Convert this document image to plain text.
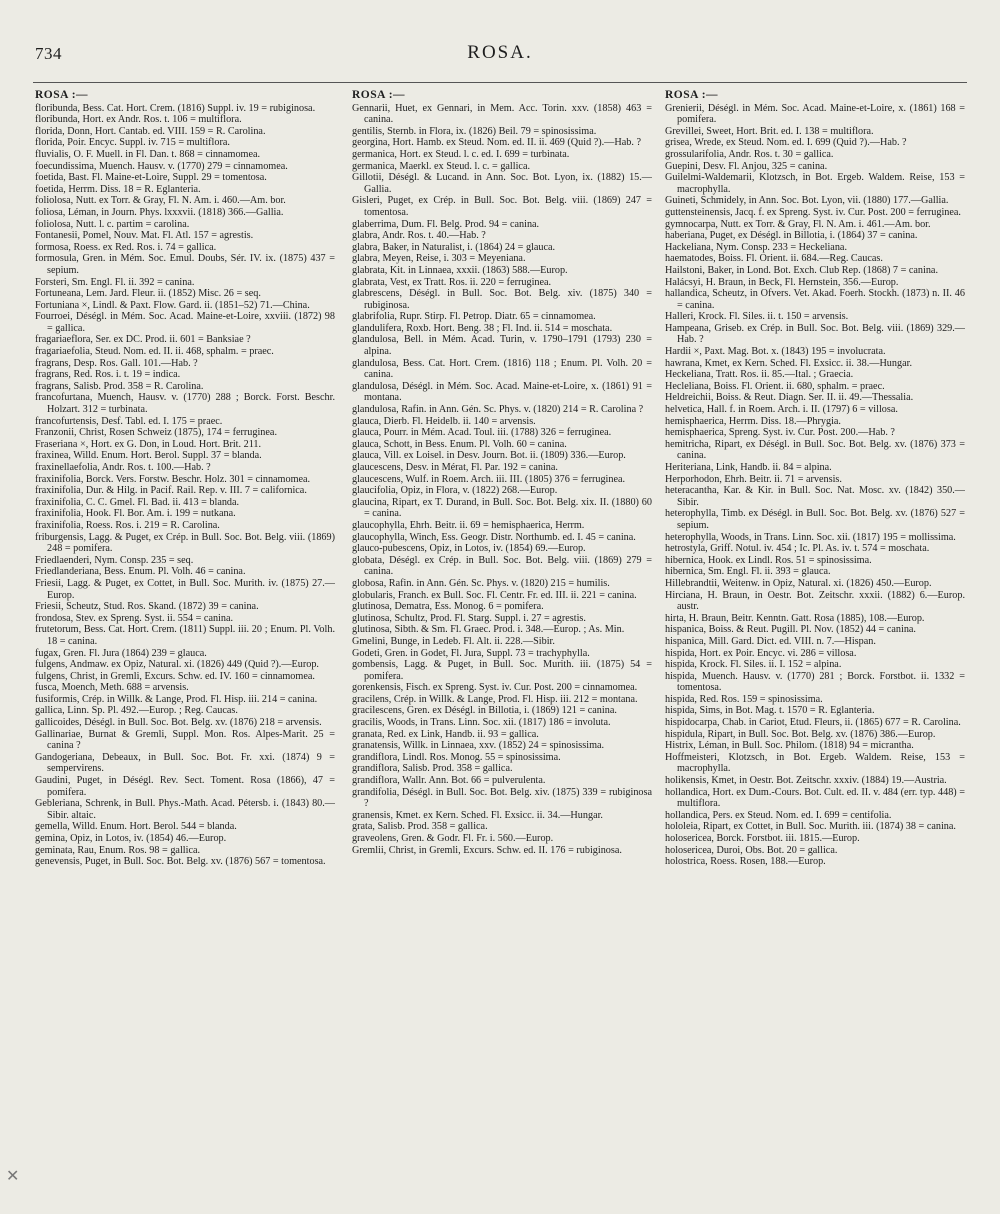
734	ROSA.
ROSA :—

floribunda, Bess. Cat. Hort. Crem. (1816) Suppl. iv. 19 = rubiginosa.

floribunda, Hort. ex Andr. Ros. t. 106 = multiflora.

florida, Donn, Hort. Cantab. ed. VIII. 159 = R. Carolina.

florida, Poir. Encyc. Suppl. iv. 715 = multiflora.

fluvialis, O. F. Muell. in Fl. Dan. t. 868 = cinnamomea.

foecundissima, Muench. Hausv. v. (1770) 279 = cinnamomea.

foetida, Bast. Fl. Maine-et-Loire, Suppl. 29 = tomentosa.

foetida, Herrm. Diss. 18 = R. Eglanteria.

foliolosa, Nutt. ex Torr. & Gray, Fl. N. Am. i. 460.—Am. bor.

foliosa, Léman, in Journ. Phys. lxxxvii. (1818) 366.—Gallia.

foliolosa, Nutt. l. c. partim = carolina.

Fontanesii, Pomel, Nouv. Mat. Fl. Atl. 157 = agrestis.

formosa, Roess. ex Red. Ros. i. 74 = gallica.

formosula, Gren. in Mém. Soc. Emul. Doubs, Sér. IV. ix. (1875) 437 = sepium.

Forsteri, Sm. Engl. Fl. ii. 392 = canina.

Fortuneana, Lem. Jard. Fleur. ii. (1852) Misc. 26 = seq.

Fortuniana ×, Lindl. & Paxt. Flow. Gard. ii. (1851–52) 71.—China.

Fourroei, Déségl. in Mém. Soc. Acad. Maine-et-Loire, xxviii. (1872) 98 = gallica.

fragariaeflora, Ser. ex DC. Prod. ii. 601 = Banksiae ?

fragariaefolia, Steud. Nom. ed. II. ii. 468, sphalm. = praec.

fragrans, Desp. Ros. Gall. 101.—Hab. ?

fragrans, Red. Ros. i. t. 19 = indica.

fragrans, Salisb. Prod. 358 = R. Carolina.

francofurtana, Muench, Hausv. v. (1770) 288 ; Borck. Forst. Beschr. Holzart. 312 = turbinata.

francofurtensis, Desf. Tabl. ed. I. 175 = praec.

Franzonii, Christ, Rosen Schweiz (1875), 174 = ferruginea.

Fraseriana ×, Hort. ex G. Don, in Loud. Hort. Brit. 211.

fraxinea, Willd. Enum. Hort. Berol. Suppl. 37 = blanda.

fraxinellaefolia, Andr. Ros. t. 100.—Hab. ?

fraxinifolia, Borck. Vers. Forstw. Beschr. Holz. 301 = cinnamomea.

fraxinifolia, Dur. & Hilg. in Pacif. Rail. Rep. v. III. 7 = californica.

fraxinifolia, C. C. Gmel. Fl. Bad. ii. 413 = blanda.

fraxinifolia, Hook. Fl. Bor. Am. i. 199 = nutkana.

fraxinifolia, Roess. Ros. i. 219 = R. Carolina.

friburgensis, Lagg. & Puget, ex Crép. in Bull. Soc. Bot. Belg. viii. (1869) 248 = pomifera.

Friedlaenderi, Nym. Consp. 235 = seq.

Friedlanderiana, Bess. Enum. Pl. Volh. 46 = canina.

Friesii, Lagg. & Puget, ex Cottet, in Bull. Soc. Murith. iv. (1875) 27.—Europ.

Friesii, Scheutz, Stud. Ros. Skand. (1872) 39 = canina.

frondosa, Stev. ex Spreng. Syst. ii. 554 = canina.

frutetorum, Bess. Cat. Hort. Crem. (1811) Suppl. iii. 20 ; Enum. Pl. Volh. 18 = canina.

fugax, Gren. Fl. Jura (1864) 239 = glauca.

fulgens, Andmaw. ex Opiz, Natural. xi. (1826) 449 (Quid ?).—Europ.

fulgens, Christ, in Gremli, Excurs. Schw. ed. IV. 160 = cinnamomea.

fusca, Moench, Meth. 688 = arvensis.

fusiformis, Crép. in Willk. & Lange, Prod. Fl. Hisp. iii. 214 = canina.

gallica, Linn. Sp. Pl. 492.—Europ. ; Reg. Caucas.

gallicoides, Déségl. in Bull. Soc. Bot. Belg. xv. (1876) 218 = arvensis.

Gallinariae, Burnat & Gremli, Suppl. Mon. Ros. Alpes-Marit. 25 = canina ?

Gandogeriana, Debeaux, in Bull. Soc. Bot. Fr. xxi. (1874) 9 = sempervirens.

Gaudini, Puget, in Déségl. Rev. Sect. Toment. Rosa (1866), 47 = pomifera.

Gebleriana, Schrenk, in Bull. Phys.-Math. Acad. Pétersb. i. (1843) 80.—Sibir. altaic.

gemella, Willd. Enum. Hort. Berol. 544 = blanda.

gemina, Opiz, in Lotos, iv. (1854) 46.—Europ.

geminata, Rau, Enum. Ros. 98 = gallica.

genevensis, Puget, in Bull. Soc. Bot. Belg. xv. (1876) 567 = tomentosa.

ROSA :—

Gennarii, Huet, ex Gennari, in Mem. Acc. Torin. xxv. (1858) 463 = canina.

gentilis, Sternb. in Flora, ix. (1826) Beil. 79 = spinosissima.

georgina, Hort. Hamb. ex Steud. Nom. ed. II. ii. 469 (Quid ?).—Hab. ?

germanica, Hort. ex Steud. l. c. ed. I. 699 = turbinata.

germanica, Maerkl. ex Steud. l. c. = gallica.

Gillotii, Déségl. & Lucand. in Ann. Soc. Bot. Lyon, ix. (1882) 15.—Gallia.

Gisleri, Puget, ex Crép. in Bull. Soc. Bot. Belg. viii. (1869) 247 = tomentosa.

glaberrima, Dum. Fl. Belg. Prod. 94 = canina.

glabra, Andr. Ros. t. 40.—Hab. ?

glabra, Baker, in Naturalist, i. (1864) 24 = glauca.

glabra, Meyen, Reise, i. 303 = Meyeniana.

glabrata, Kit. in Linnaea, xxxii. (1863) 588.—Europ.

glabrata, Vest, ex Tratt. Ros. ii. 220 = ferruginea.

glabrescens, Déségl. in Bull. Soc. Bot. Belg. xiv. (1875) 340 = rubiginosa.

glabrifolia, Rupr. Stirp. Fl. Petrop. Diatr. 65 = cinnamomea.

glandulifera, Roxb. Hort. Beng. 38 ; Fl. Ind. ii. 514 = moschata.

glandulosa, Bell. in Mém. Acad. Turin, v. 1790–1791 (1793) 230 = alpina.

glandulosa, Bess. Cat. Hort. Crem. (1816) 118 ; Enum. Pl. Volh. 20 = canina.

glandulosa, Déségl. in Mém. Soc. Acad. Maine-et-Loire, x. (1861) 91 = montana.

glandulosa, Rafin. in Ann. Gén. Sc. Phys. v. (1820) 214 = R. Carolina ?

glauca, Dierb. Fl. Heidelb. ii. 140 = arvensis.

glauca, Pourr. in Mém. Acad. Toul. iii. (1788) 326 = ferruginea.

glauca, Schott, in Bess. Enum. Pl. Volh. 60 = canina.

glauca, Vill. ex Loisel. in Desv. Journ. Bot. ii. (1809) 336.—Europ.

glaucescens, Desv. in Mérat, Fl. Par. 192 = canina.

glaucescens, Wulf. in Roem. Arch. iii. III. (1805) 376 = ferruginea.

glaucifolia, Opiz, in Flora, v. (1822) 268.—Europ.

glaucina, Ripart, ex T. Durand, in Bull. Soc. Bot. Belg. xix. II. (1880) 60 = canina.

glaucophylla, Ehrh. Beitr. ii. 69 = hemisphaerica, Herrm.

glaucophylla, Winch, Ess. Geogr. Distr. Northumb. ed. I. 45 = canina.

glauco-pubescens, Opiz, in Lotos, iv. (1854) 69.—Europ.

globata, Déségl. ex Crép. in Bull. Soc. Bot. Belg. viii. (1869) 279 = canina.

globosa, Rafin. in Ann. Gén. Sc. Phys. v. (1820) 215 = humilis.

globularis, Franch. ex Bull. Soc. Fl. Centr. Fr. ed. III. ii. 221 = canina.

glutinosa, Dematra, Ess. Monog. 6 = pomifera.

glutinosa, Schultz, Prod. Fl. Starg. Suppl. i. 27 = agrestis.

glutinosa, Sibth. & Sm. Fl. Graec. Prod. i. 348.—Europ. ; As. Min.

Gmelini, Bunge, in Ledeb. Fl. Alt. ii. 228.—Sibir.

Godeti, Gren. in Godet, Fl. Jura, Suppl. 73 = trachyphylla.

gombensis, Lagg. & Puget, in Bull. Soc. Murith. iii. (1875) 54 = pomifera.

gorenkensis, Fisch. ex Spreng. Syst. iv. Cur. Post. 200 = cinnamomea.

gracilens, Crép. in Willk. & Lange, Prod. Fl. Hisp. iii. 212 = montana.

gracilescens, Gren. ex Déségl. in Billotia, i. (1869) 121 = canina.

gracilis, Woods, in Trans. Linn. Soc. xii. (1817) 186 = involuta.

granata, Red. ex Link, Handb. ii. 93 = gallica.

granatensis, Willk. in Linnaea, xxv. (1852) 24 = spinosissima.

grandiflora, Lindl. Ros. Monog. 55 = spinosissima.

grandiflora, Salisb. Prod. 358 = gallica.

grandiflora, Wallr. Ann. Bot. 66 = pulverulenta.

grandifolia, Déségl. in Bull. Soc. Bot. Belg. xiv. (1875) 339 = rubiginosa ?

granensis, Kmet. ex Kern. Sched. Fl. Exsicc. ii. 34.—Hungar.

grata, Salisb. Prod. 358 = gallica.

graveolens, Gren. & Godr. Fl. Fr. i. 560.—Europ.

Gremlii, Christ, in Gremli, Excurs. Schw. ed. II. 176 = rubiginosa.

ROSA :—

Grenierii, Déségl. in Mém. Soc. Acad. Maine-et-Loire, x. (1861) 168 = pomifera.

Grevillei, Sweet, Hort. Brit. ed. I. 138 = multiflora.

grisea, Wrede, ex Steud. Nom. ed. I. 699 (Quid ?).—Hab. ?

grossularifolia, Andr. Ros. t. 30 = gallica.

Guepini, Desv. Fl. Anjou, 325 = canina.

Guilelmi-Waldemarii, Klotzsch, in Bot. Ergeb. Waldem. Reise, 153 = macrophylla.

Guineti, Schmidely, in Ann. Soc. Bot. Lyon, vii. (1880) 177.—Gallia.

guttensteinensis, Jacq. f. ex Spreng. Syst. iv. Cur. Post. 200 = ferruginea.

gymnocarpa, Nutt. ex Torr. & Gray, Fl. N. Am. i. 461.—Am. bor.

haberiana, Puget, ex Déségl. in Billotia, i. (1864) 37 = canina.

Hackeliana, Nym. Consp. 233 = Heckeliana.

haematodes, Boiss. Fl. Orient. ii. 684.—Reg. Caucas.

Hailstoni, Baker, in Lond. Bot. Exch. Club Rep. (1868) 7 = canina.

Halácsyi, H. Braun, in Beck, Fl. Hernstein, 356.—Europ.

hallandica, Scheutz, in Ofvers. Vet. Akad. Foerh. Stockh. (1873) n. II. 46 = canina.

Halleri, Krock. Fl. Siles. ii. t. 150 = arvensis.

Hampeana, Griseb. ex Crép. in Bull. Soc. Bot. Belg. viii. (1869) 329.—Hab. ?

Hardii ×, Paxt. Mag. Bot. x. (1843) 195 = involucrata.

hawrana, Kmet, ex Kern. Sched. Fl. Exsicc. ii. 38.—Hungar.

Heckeliana, Tratt. Ros. ii. 85.—Ital. ; Graecia.

Hecleliana, Boiss. Fl. Orient. ii. 680, sphalm. = praec.

Heldreichii, Boiss. & Reut. Diagn. Ser. II. ii. 49.—Thessalia.

helvetica, Hall. f. in Roem. Arch. i. II. (1797) 6 = villosa.

hemisphaerica, Herrm. Diss. 18.—Phrygia.

hemisphaerica, Spreng. Syst. iv. Cur. Post. 200.—Hab. ?

hemitricha, Ripart, ex Déségl. in Bull. Soc. Bot. Belg. xv. (1876) 373 = canina.

Heriteriana, Link, Handb. ii. 84 = alpina.

Herporhodon, Ehrh. Beitr. ii. 71 = arvensis.

heteracantha, Kar. & Kir. in Bull. Soc. Nat. Mosc. xv. (1842) 350.—Sibir.

heterophylla, Timb. ex Déségl. in Bull. Soc. Bot. Belg. xv. (1876) 527 = sepium.

heterophylla, Woods, in Trans. Linn. Soc. xii. (1817) 195 = mollissima.

hetrostyla, Griff. Notul. iv. 454 ; Ic. Pl. As. iv. t. 574 = moschata.

hibernica, Hook. ex Lindl. Ros. 51 = spinosissima.

hibernica, Sm. Engl. Fl. ii. 393 = glauca.

Hillebrandtii, Weitenw. in Opiz, Natural. xi. (1826) 450.—Europ.

Hirciana, H. Braun, in Oestr. Bot. Zeitschr. xxxii. (1882) 6.—Europ. austr.

hirta, H. Braun, Beitr. Kenntn. Gatt. Rosa (1885), 108.—Europ.

hispanica, Boiss. & Reut. Pugill. Pl. Nov. (1852) 44 = canina.

hispanica, Mill. Gard. Dict. ed. VIII. n. 7.—Hispan.

hispida, Hort. ex Poir. Encyc. vi. 286 = villosa.

hispida, Krock. Fl. Siles. ii. I. 152 = alpina.

hispida, Muench. Hausv. v. (1770) 281 ; Borck. Forstbot. ii. 1332 = tomentosa.

hispida, Red. Ros. 159 = spinosissima.

hispida, Sims, in Bot. Mag. t. 1570 = R. Eglanteria.

hispidocarpa, Chab. in Cariot, Etud. Fleurs, ii. (1865) 677 = R. Carolina.

hispidula, Ripart, in Bull. Soc. Bot. Belg. xv. (1876) 386.—Europ.

Histrix, Léman, in Bull. Soc. Philom. (1818) 94 = micrantha.

Hoffmeisteri, Klotzsch, in Bot. Ergeb. Waldem. Reise, 153 = macrophylla.

holikensis, Kmet, in Oestr. Bot. Zeitschr. xxxiv. (1884) 19.—Austria.

hollandica, Hort. ex Dum.-Cours. Bot. Cult. ed. II. v. 484 (err. typ. 448) = multiflora.

hollandica, Pers. ex Steud. Nom. ed. I. 699 = centifolia.

hololeia, Ripart, ex Cottet, in Bull. Soc. Murith. iii. (1874) 38 = canina.

holosericea, Borck. Forstbot. iii. 1815.—Europ.

holosericea, Duroi, Obs. Bot. 20 = gallica.

holostrica, Roess. Rosen, 188.—Europ.

✕
